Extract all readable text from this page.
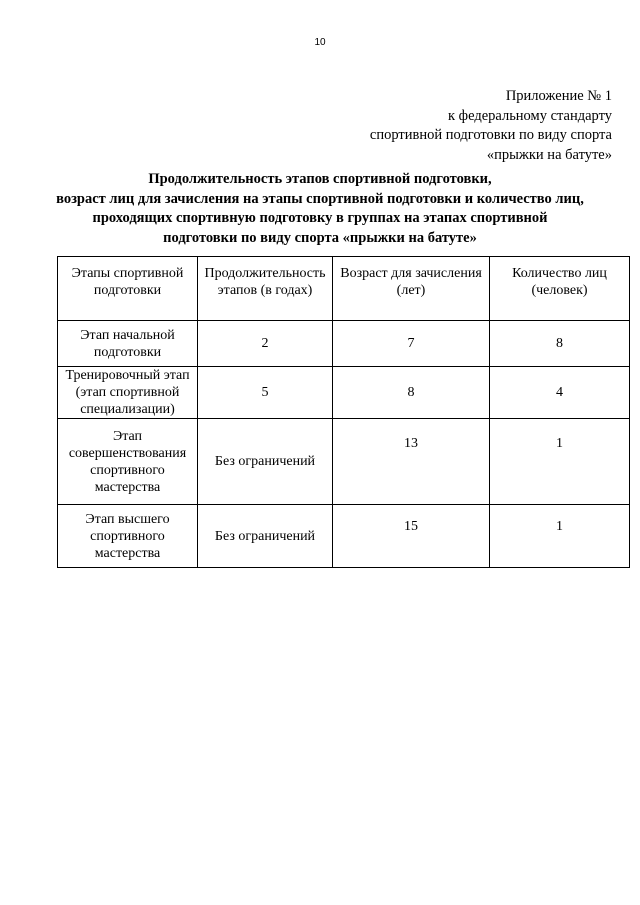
10
Приложение № 1
к федеральному стандарту
спортивной подготовки по виду спорта
«прыжки на батуте»
Продолжительность этапов спортивной подготовки,
возраст лиц для зачисления на этапы спортивной подготовки и количество лиц,
проходящих спортивную подготовку в группах на этапах спортивной
подготовки по виду спорта «прыжки на батуте»
Этапы спортивной подготовки	Продолжительность этапов (в годах)	Возраст для зачисления (лет)	Количество лиц (человек)
Этап начальной подготовки	2	7	8
Тренировочный этап (этап спортивной специализации)	5	8	4
Этап совершенствования спортивного мастерства	Без ограничений	13	1
Этап высшего спортивного мастерства	Без ограничений	15	1
